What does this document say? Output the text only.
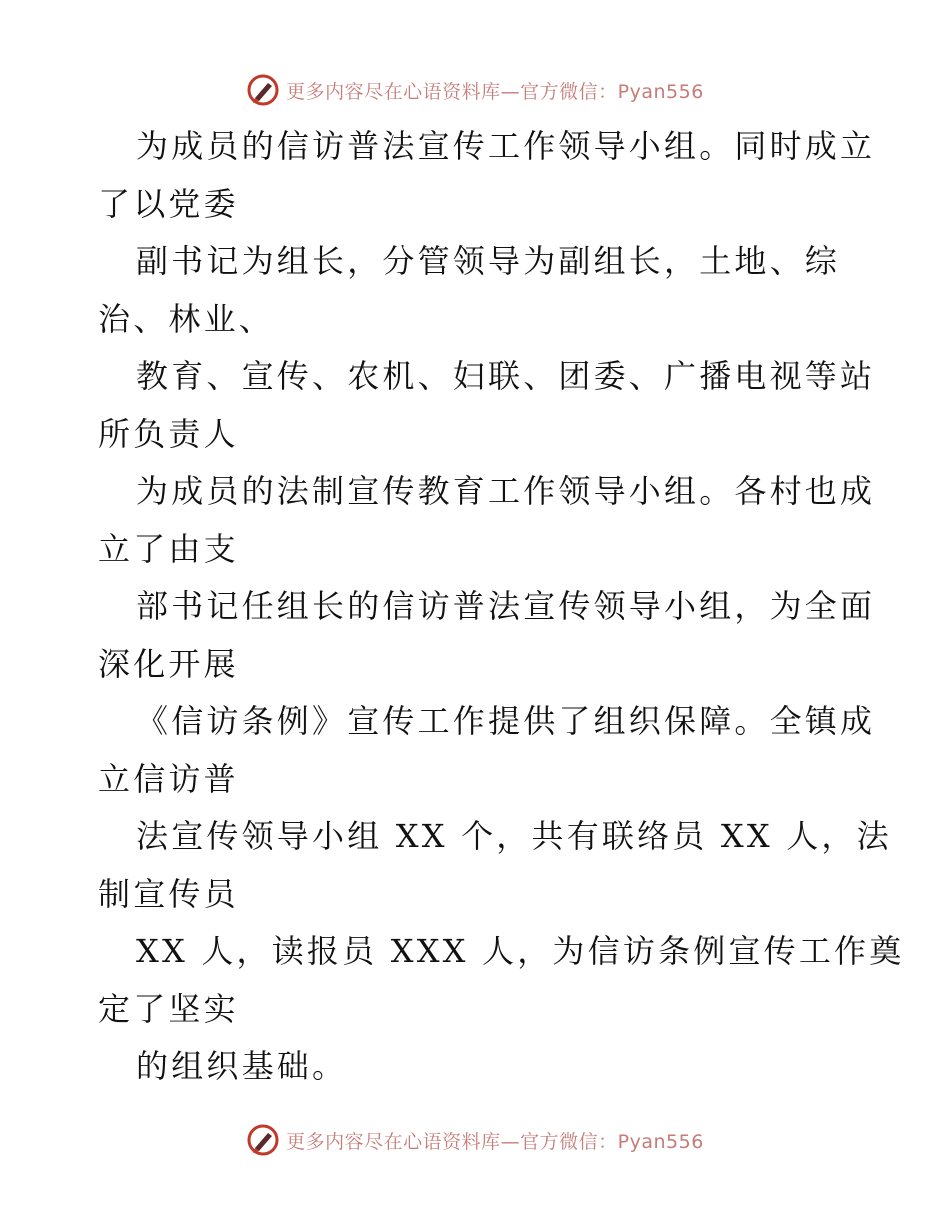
更多内容尽在心语资料库—官方微信：Pyan556
为成员的信访普法宣传工作领导小组。同时成立
了以党委
副书记为组长，分管领导为副组长，土地、综
治、林业、
教育、宣传、农机、妇联、团委、广播电视等站
所负责人
为成员的法制宣传教育工作领导小组。各村也成
立了由支
部书记任组长的信访普法宣传领导小组，为全面
深化开展
《信访条例》宣传工作提供了组织保障。全镇成
立信访普
法宣传领导小组 XX 个，共有联络员 XX 人，法
制宣传员
XX 人，读报员 XXX 人，为信访条例宣传工作奠
定了坚实
的组织基础。
更多内容尽在心语资料库—官方微信：Pyan556
